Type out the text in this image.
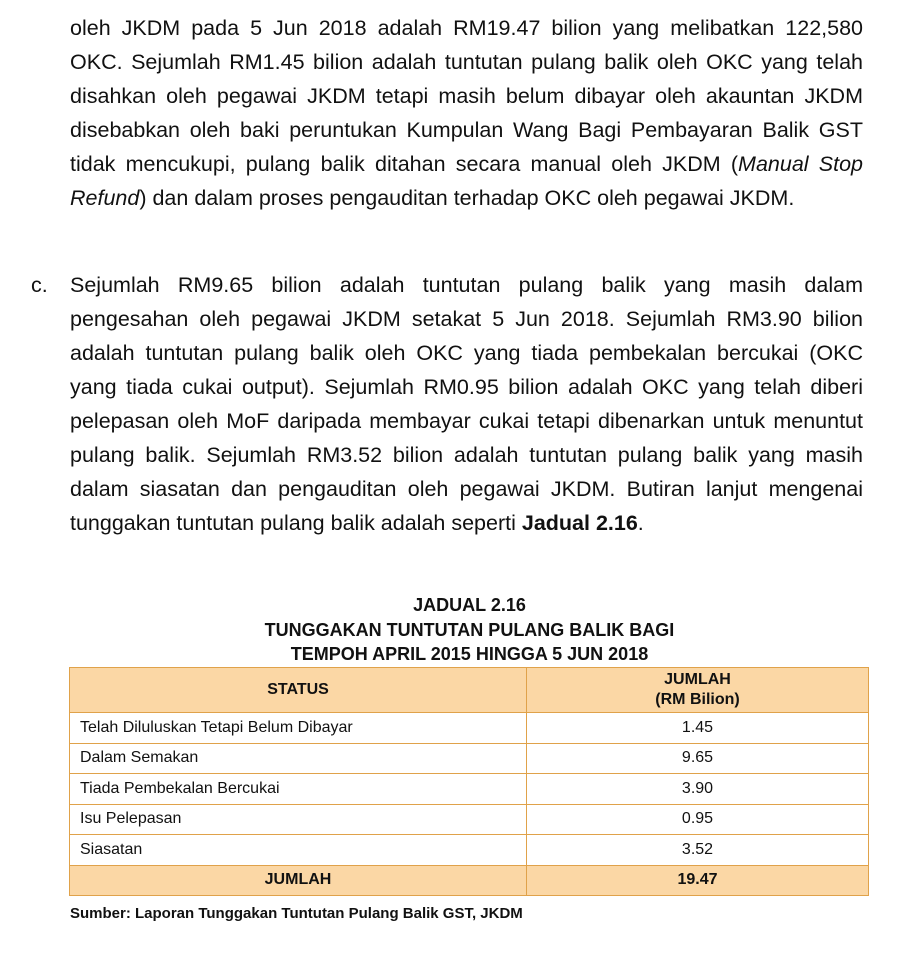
oleh JKDM pada 5 Jun 2018 adalah RM19.47 bilion yang melibatkan 122,580 OKC. Sejumlah RM1.45 bilion adalah tuntutan pulang balik oleh OKC yang telah disahkan oleh pegawai JKDM tetapi masih belum dibayar oleh akauntan JKDM disebabkan oleh baki peruntukan Kumpulan Wang Bagi Pembayaran Balik GST tidak mencukupi, pulang balik ditahan secara manual oleh JKDM (Manual Stop Refund) dan dalam proses pengauditan terhadap OKC oleh pegawai JKDM.

c. Sejumlah RM9.65 bilion adalah tuntutan pulang balik yang masih dalam pengesahan oleh pegawai JKDM setakat 5 Jun 2018. Sejumlah RM3.90 bilion adalah tuntutan pulang balik oleh OKC yang tiada pembekalan bercukai (OKC yang tiada cukai output). Sejumlah RM0.95 bilion adalah OKC yang telah diberi pelepasan oleh MoF daripada membayar cukai tetapi dibenarkan untuk menuntut pulang balik. Sejumlah RM3.52 bilion adalah tuntutan pulang balik yang masih dalam siasatan dan pengauditan oleh pegawai JKDM. Butiran lanjut mengenai tunggakan tuntutan pulang balik adalah seperti Jadual 2.16.

JADUAL 2.16
TUNGGAKAN TUNTUTAN PULANG BALIK BAGI
TEMPOH APRIL 2015 HINGGA 5 JUN 2018
STATUS	JUMLAH
(RM Bilion)

Telah Diluluskan Tetapi Belum Dibayar	1.45
Dalam Semakan	9.65
Tiada Pembekalan Bercukai	3.90
Isu Pelepasan	0.95
Siasatan	3.52
JUMLAH	19.47
Sumber: Laporan Tunggakan Tuntutan Pulang Balik GST, JKDM
